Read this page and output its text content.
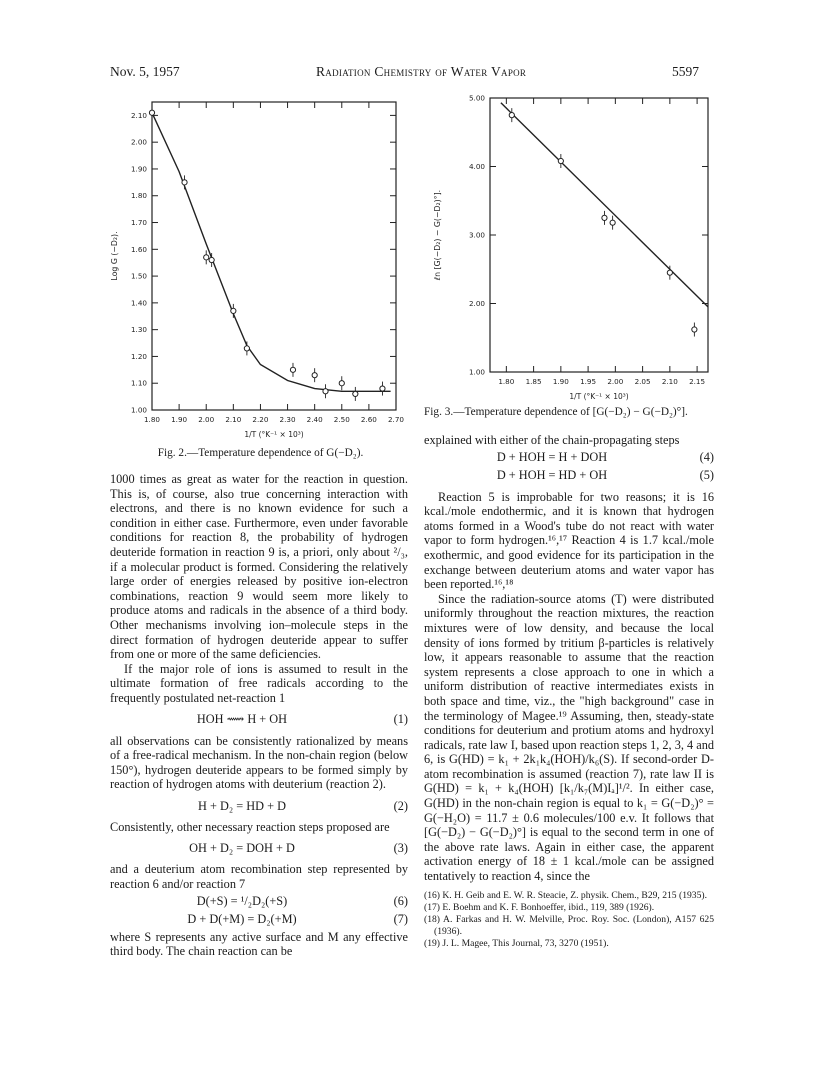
Nov. 5, 1957	Radiation Chemistry of Water Vapor	5597
1.80 1.90 2.00 2.10 2.20 2.30 2.40 2.50 2.60 2.70
1.00
1.10
1.20
1.30
1.40
1.50
1.60
1.70
1.80
1.90
2.00
2.10
1/T (°K⁻¹ × 10³)
Log G (−D₂).
Fig. 2.—Temperature dependence of G(−D₂).
1.80 1.85 1.90 1.95 2.00 2.05 2.10 2.15
1.00
2.00
3.00
4.00
5.00
1/T (°K⁻¹ × 10³)
ℓn [G(−D₂) − G(−D₂)°].
Fig. 3.—Temperature dependence of [G(−D₂) − G(−D₂)°].

1000 times as great as water for the reaction in question. This is, of course, also true concerning interaction with electrons, and there is no known evidence for such a condition in either case. Furthermore, even under favorable conditions for reaction 8, the probability of hydrogen deuteride formation in reaction 9 is, a priori, only about ²/₃, if a molecular product is formed. Considering the relatively large order of energies released by positive ion-electron combinations, reaction 9 would seem more likely to produce atoms and radicals in the absence of a third body. Other mechanisms involving ion–molecule steps in the direct formation of hydrogen deuteride appear to suffer from one or more of the same deficiencies.

If the major role of ions is assumed to result in the ultimate formation of free radicals according to the frequently postulated net-reaction 1

HOH ⟿ H + OH	(1)

all observations can be consistently rationalized by means of a free-radical mechanism. In the non-chain region (below 150°), hydrogen deuteride appears to be formed simply by reaction of hydrogen atoms with deuterium (reaction 2).

H + D₂ = HD + D	(2)

Consistently, other necessary reaction steps proposed are

OH + D₂ = DOH + D	(3)

and a deuterium atom recombination step represented by reaction 6 and/or reaction 7

D(+S) = ¹/₂D₂(+S)	(6)
D + D(+M) = D₂(+M)	(7)

where S represents any active surface and M any effective third body. The chain reaction can be

explained with either of the chain-propagating steps

D + HOH = H + DOH	(4)
D + HOH = HD + OH	(5)

Reaction 5 is improbable for two reasons; it is 16 kcal./mole endothermic, and it is known that hydrogen atoms formed in a Wood's tube do not react with water vapor to form hydrogen.¹⁶,¹⁷ Reaction 4 is 1.7 kcal./mole exothermic, and good evidence for its participation in the exchange between deuterium atoms and water vapor has been reported.¹⁶,¹⁸

Since the radiation-source atoms (T) were distributed uniformly throughout the reaction mixtures, the reaction mixtures were of low density, and because the local density of ions formed by tritium β-particles is relatively low, it appears reasonable to assume that the reaction system represents a close approach to one in which a uniform distribution of reactive intermediates exists in both space and time, viz., the "high background" case in the terminology of Magee.¹⁹ Assuming, then, steady-state conditions for deuterium and protium atoms and hydroxyl radicals, rate law I, based upon reaction steps 1, 2, 3, 4 and 6, is G(HD) = k₁ + 2k₁k₄(HOH)/k₆(S). If second-order D-atom recombination is assumed (reaction 7), rate law II is G(HD) = k₁ + k₄(HOH) [k₁/k₇(M)Iₐ]¹/². In either case, G(HD) in the non-chain region is equal to k₁ = G(−D₂)° = G(−H₂O) = 11.7 ± 0.6 molecules/100 e.v. It follows that [G(−D₂) − G(−D₂)°] is equal to the second term in one of the above rate laws. Again in either case, the apparent activation energy of 18 ± 1 kcal./mole can be assigned tentatively to reaction 4, since the

(16) K. H. Geib and E. W. R. Steacie, Z. physik. Chem., B29, 215 (1935).
(17) E. Boehm and K. F. Bonhoeffer, ibid., 119, 389 (1926).
(18) A. Farkas and H. W. Melville, Proc. Roy. Soc. (London), A157 625 (1936).
(19) J. L. Magee, This Journal, 73, 3270 (1951).
